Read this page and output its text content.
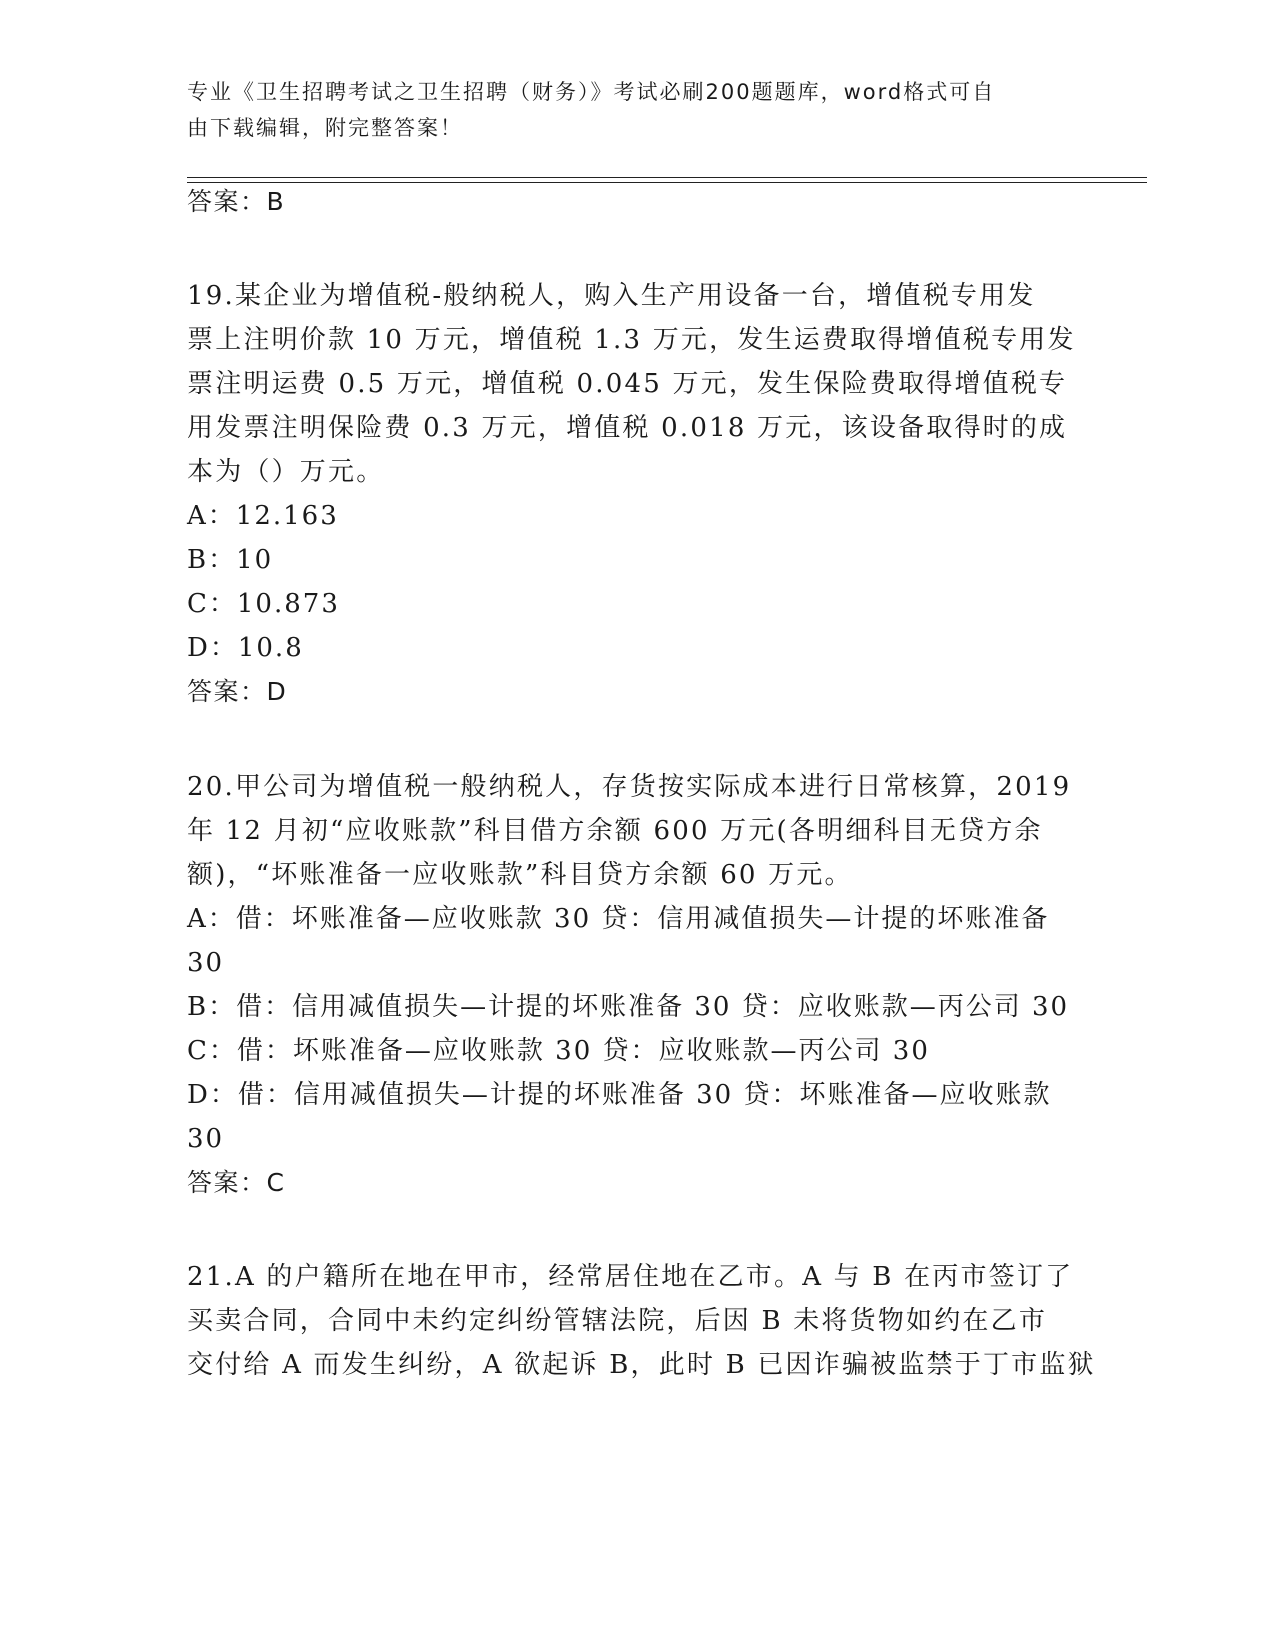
专业《卫生招聘考试之卫生招聘（财务）》考试必刷200题题库，word格式可自
由下载编辑，附完整答案！
答案：B
19.某企业为增值税-般纳税人，购入生产用设备一台，增值税专用发
票上注明价款 10 万元，增值税 1.3 万元，发生运费取得增值税专用发
票注明运费 0.5 万元，增值税 0.045 万元，发生保险费取得增值税专
用发票注明保险费 0.3 万元，增值税 0.018 万元，该设备取得时的成
本为（）万元。
A：12.163
B：10
C：10.873
D：10.8
答案：D
20.甲公司为增值税一般纳税人，存货按实际成本进行日常核算，2019
年 12 月初“应收账款”科目借方余额 600 万元(各明细科目无贷方余
额)，“坏账准备一应收账款”科目贷方余额 60 万元。
A：借：坏账准备—应收账款 30 贷：信用减值损失—计提的坏账准备
30
B：借：信用减值损失—计提的坏账准备 30 贷：应收账款—丙公司 30
C：借：坏账准备—应收账款 30 贷：应收账款—丙公司 30
D：借：信用减值损失—计提的坏账准备 30 贷：坏账准备—应收账款
30
答案：C
21.A 的户籍所在地在甲市，经常居住地在乙市。A 与 B 在丙市签订了
买卖合同，合同中未约定纠纷管辖法院，后因 B 未将货物如约在乙市
交付给 A 而发生纠纷，A 欲起诉 B，此时 B 已因诈骗被监禁于丁市监狱
